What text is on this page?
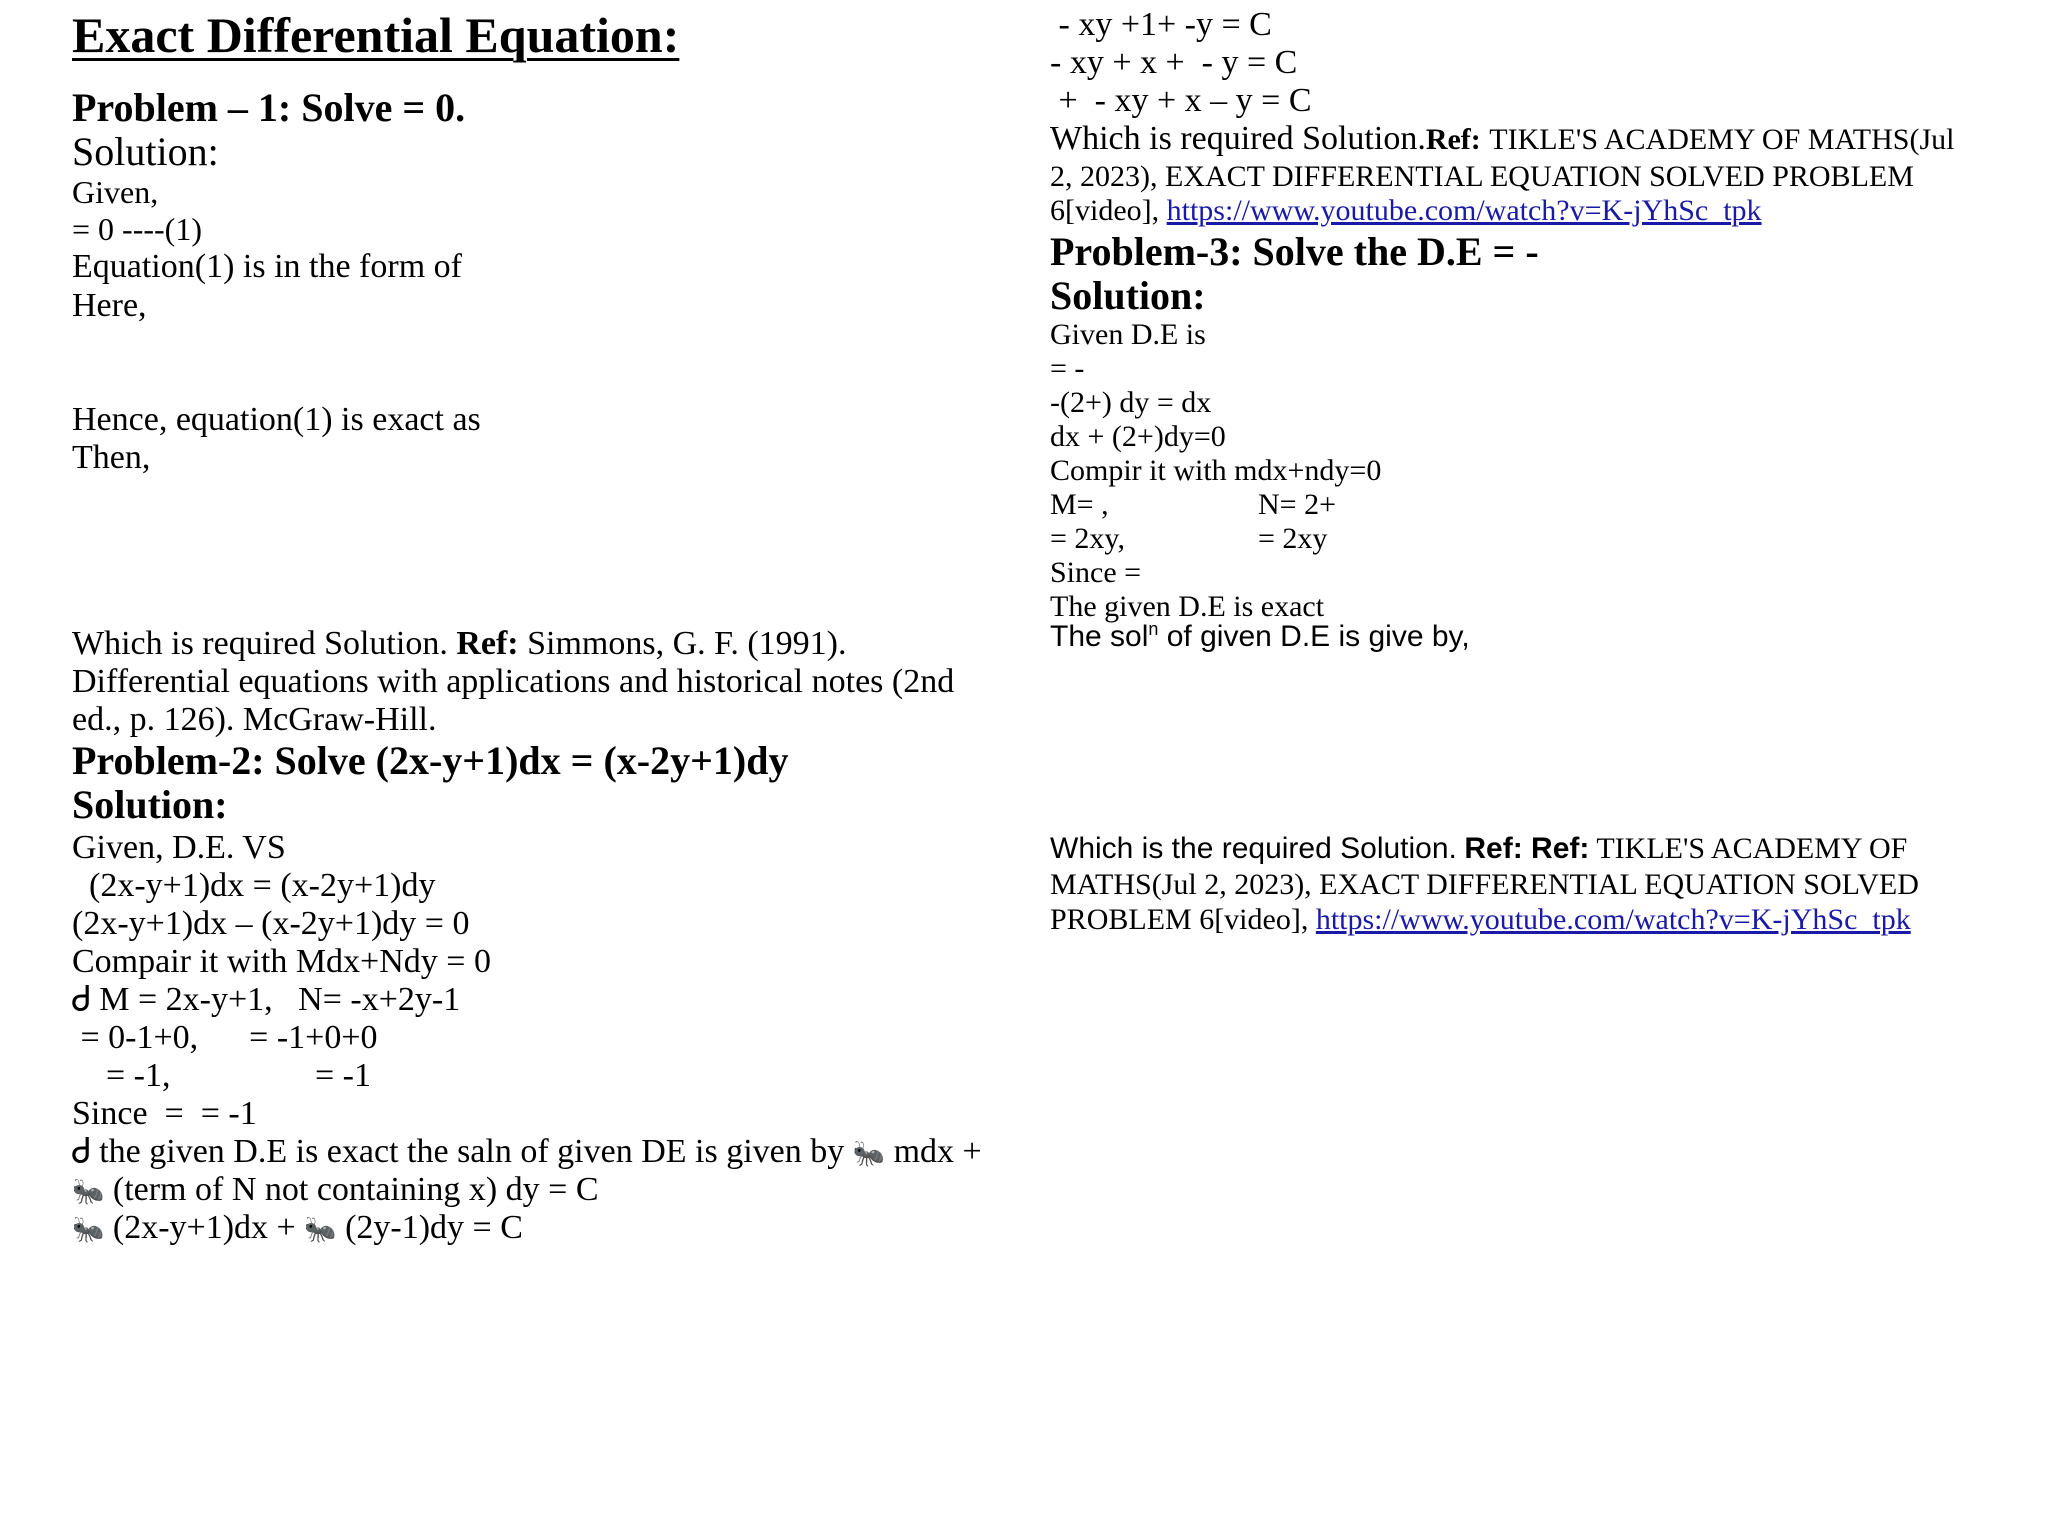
Exact Differential Equation:
Problem – 1: Solve = 0.
Solution:
Given,
= 0 ----(1)
Equation(1) is in the form of
Here,
Hence, equation(1) is exact as
Then,
Which is required Solution. Ref: Simmons, G. F. (1991).
Differential equations with applications and historical notes (2nd
ed., p. 126). McGraw-Hill.
Problem-2: Solve (2x-y+1)dx = (x-2y+1)dy
Solution:
Given, D.E. VS
(2x-y+1)dx = (x-2y+1)dy
(2x-y+1)dx – (x-2y+1)dy = 0
Compair it with Mdx+Ndy = 0
Ꮷ M = 2x-y+1,   N= -x+2y-1
= 0-1+0,      = -1+0+0
= -1,                 = -1
Since  =  = -1
Ꮷ the given D.E is exact the saln of given DE is given by 🐜 mdx +
🐜 (term of N not containing x) dy = C
🐜 (2x-y+1)dx + 🐜 (2y-1)dy = C
- xy +1+ -y = C
- xy + x +  - y = C
+  - xy + x – y = C
Which is required Solution.Ref: TIKLE'S ACADEMY OF MATHS(Jul
2, 2023), EXACT DIFFERENTIAL EQUATION SOLVED PROBLEM
6[video], https://www.youtube.com/watch?v=K-jYhSc_tpk
Problem-3: Solve the D.E = -
Solution:
Given D.E is
= -
-(2+) dy = dx
dx + (2+)dy=0
Compir it with mdx+ndy=0
M= ,	N= 2+
= 2xy,	= 2xy
Since =
The given D.E is exact
The sol$^n$ of given D.E is give by,
Which is the required Solution. Ref: Ref: TIKLE'S ACADEMY OF
MATHS(Jul 2, 2023), EXACT DIFFERENTIAL EQUATION SOLVED
PROBLEM 6[video], https://www.youtube.com/watch?v=K-jYhSc_tpk
